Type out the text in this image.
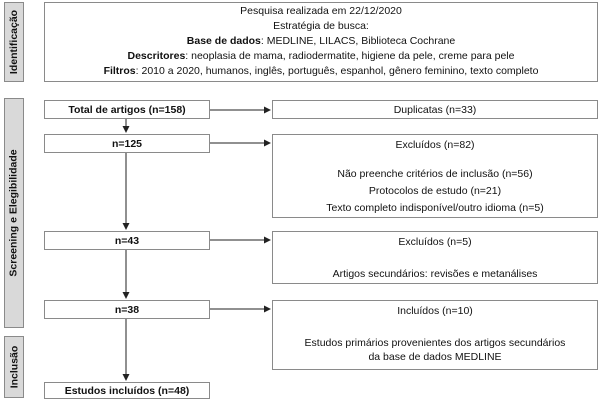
Identificação
Screening e Elegibilidade
Inclusão
Pesquisa realizada em 22/12/2020
Estratégia de busca:
Base de dados: MEDLINE, LILACS, Biblioteca Cochrane
Descritores: neoplasia de mama, radiodermatite, higiene da pele, creme para pele
Filtros: 2010 a 2020, humanos, inglês, português, espanhol, gênero feminino, texto completo
Total de artigos (n=158)
n=125
n=43
n=38
Estudos incluídos (n=48)
Duplicatas (n=33)
Excluídos (n=82)
Não preenche critérios de inclusão (n=56)
Protocolos de estudo (n=21)
Texto completo indisponível/outro idioma (n=5)
Excluídos (n=5)
Artigos secundários: revisões e metanálises
Incluídos (n=10)
Estudos primários provenientes dos artigos secundários
da base de dados MEDLINE
